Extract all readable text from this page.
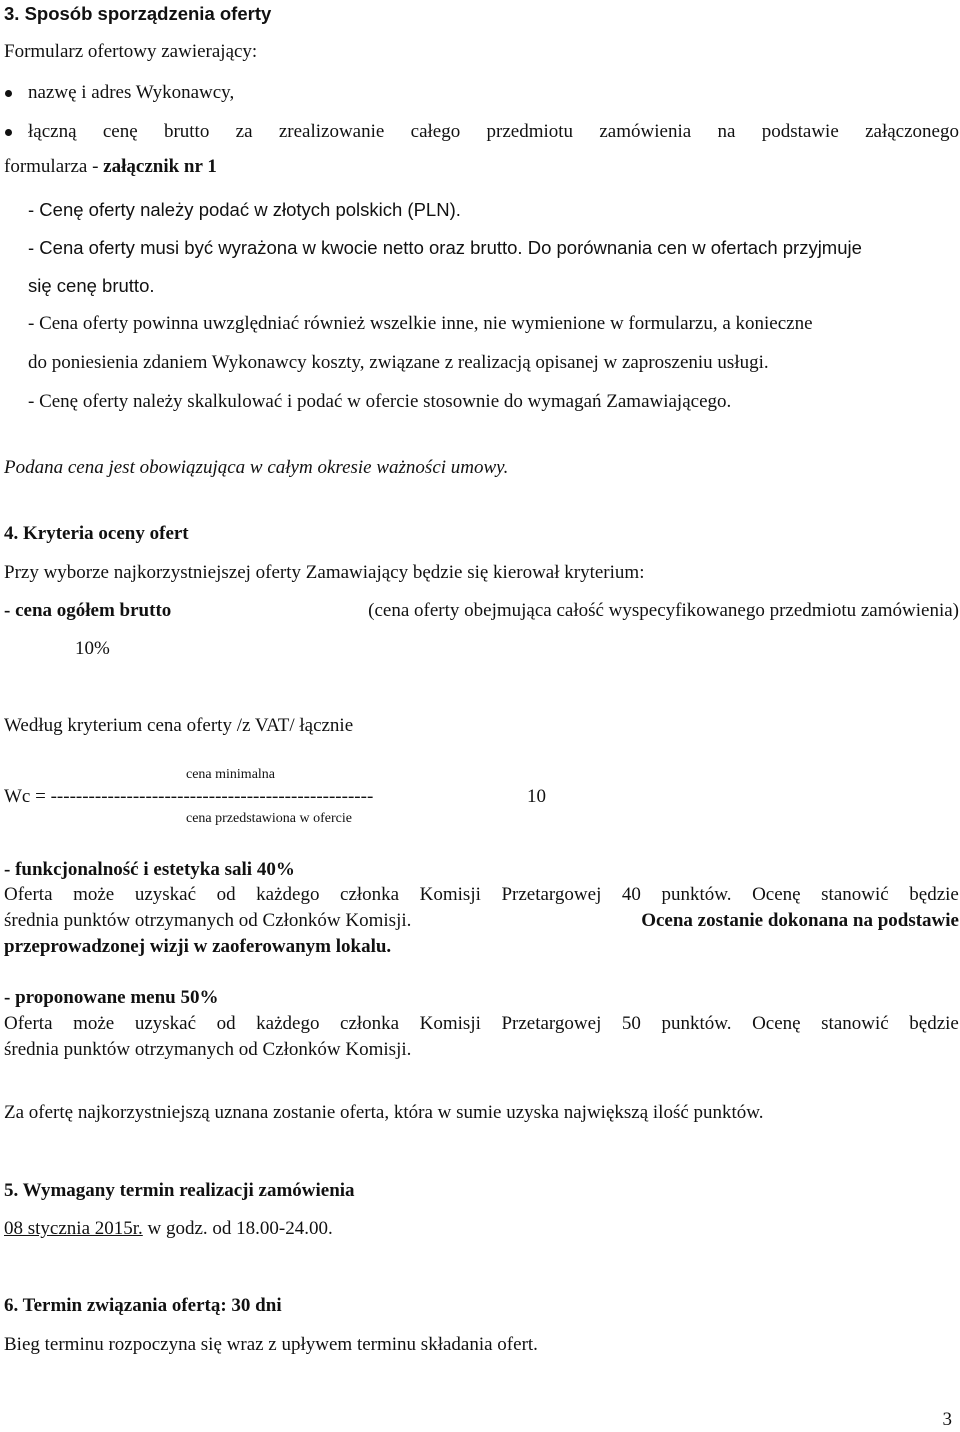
3. Sposób sporządzenia oferty
Formularz ofertowy zawierający:
nazwę i adres Wykonawcy,
łączną cenę brutto za zrealizowanie całego przedmiotu zamówienia na podstawie załączonego
formularza - załącznik nr 1
- Cenę oferty należy podać w złotych polskich (PLN).
- Cena oferty musi być wyrażona w kwocie netto oraz brutto. Do porównania cen w ofertach przyjmuje
się cenę brutto.
- Cena oferty powinna uwzględniać również wszelkie inne, nie wymienione w formularzu, a konieczne
do poniesienia zdaniem Wykonawcy koszty, związane z realizacją opisanej w zaproszeniu usługi.
- Cenę oferty należy skalkulować i podać w ofercie stosownie do wymagań Zamawiającego.
Podana cena jest obowiązująca w całym okresie ważności umowy.
4. Kryteria oceny ofert
Przy wyborze najkorzystniejszej oferty Zamawiający będzie się kierował kryterium:
- cena ogółem brutto	(cena oferty obejmująca całość wyspecyfikowanego przedmiotu zamówienia)
10%
Według kryterium cena oferty /z VAT/ łącznie
cena minimalna
Wc = ---------------------------------------------------	10
cena przedstawiona w ofercie
- funkcjonalność i estetyka sali 40%
Oferta może uzyskać od każdego członka Komisji Przetargowej 40 punktów. Ocenę stanowić będzie
średnia punktów otrzymanych od Członków Komisji.	Ocena zostanie dokonana na podstawie
przeprowadzonej wizji w zaoferowanym lokalu.
- proponowane menu 50%
Oferta może uzyskać od każdego członka Komisji Przetargowej 50 punktów. Ocenę stanowić będzie
średnia punktów otrzymanych od Członków Komisji.
Za ofertę najkorzystniejszą uznana zostanie oferta, która w sumie uzyska największą ilość punktów.
5. Wymagany termin realizacji zamówienia
08 stycznia 2015r. w godz. od 18.00-24.00.
6. Termin związania ofertą: 30 dni
Bieg terminu rozpoczyna się wraz z upływem terminu składania ofert.
3
